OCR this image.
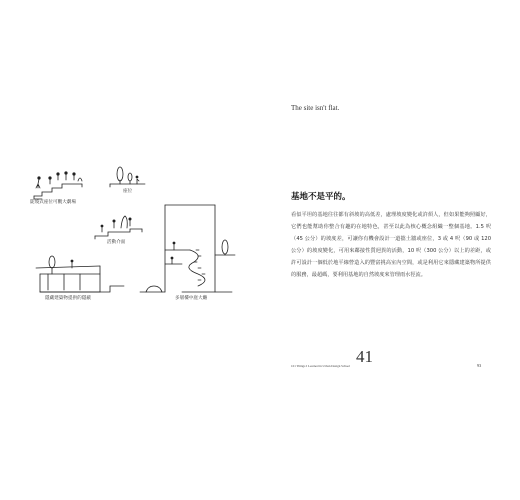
陡坡式座位可觀大劇場
座位
活動介面
隱藏建築物提供的隱蔽	多層樓中庭大廳
The site isn't flat.
基地不是平的。
看似平坦的基地往往都有斜坡的高低差，處理坡度變化或許煩人，但如果能夠照顧好，它們也能幫助你整合有趣的在地特色，甚至以此為核心概念組織一整個基地。1.5 呎（45 公分）的坡度差，可讓你有機會設計一道擋土牆或座位，3 或 4 呎（90 或 120 公分）的坡度變化，可用來鄰接性質迥異的活動，10 呎（300 公分）以上的差距，或許可設計一個低於地平線營造入的豐富挑高室內空間，或是利用它來隱藏建築物所提供的服務，最超碼，要利用基地的自然坡度來管理雨水徑流。
101 Things I Learned in Urban Design School 41	93
